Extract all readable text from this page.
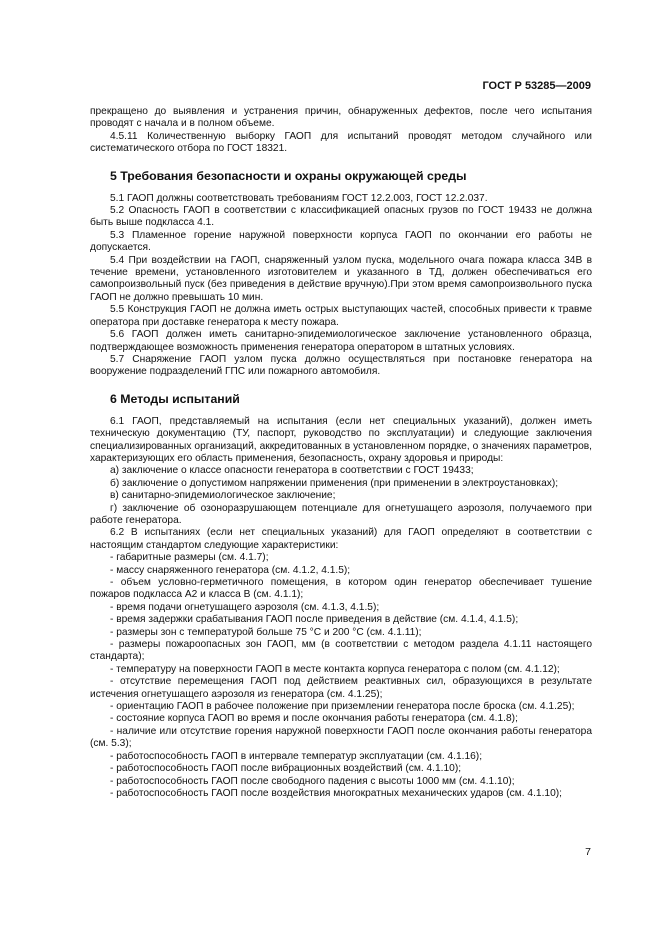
ГОСТ Р 53285—2009

прекращено до выявления и устранения причин, обнаруженных дефектов, после чего испытания проводят с начала и в полном объеме.

4.5.11 Количественную выборку ГАОП для испытаний проводят методом случайного или систематического отбора по ГОСТ 18321.

5 Требования безопасности и охраны окружающей среды

5.1 ГАОП должны соответствовать требованиям ГОСТ 12.2.003, ГОСТ 12.2.037.

5.2 Опасность ГАОП в соответствии с классификацией опасных грузов по ГОСТ 19433 не должна быть выше подкласса 4.1.

5.3 Пламенное горение наружной поверхности корпуса ГАОП по окончании его работы не допускается.

5.4 При воздействии на ГАОП, снаряженный узлом пуска, модельного очага пожара класса 34В в течение времени, установленного изготовителем и указанного в ТД, должен обеспечиваться его самопроизвольный пуск (без приведения в действие вручную).При этом время самопроизвольного пуска ГАОП не должно превышать 10 мин.

5.5 Конструкция ГАОП не должна иметь острых выступающих частей, способных привести к травме оператора при доставке генератора к месту пожара.

5.6 ГАОП должен иметь санитарно-эпидемиологическое заключение установленного образца, подтверждающее возможность применения генератора оператором в штатных условиях.

5.7 Снаряжение ГАОП узлом пуска должно осуществляться при постановке генератора на вооружение подразделений ГПС или пожарного автомобиля.

6 Методы испытаний

6.1 ГАОП, представляемый на испытания (если нет специальных указаний), должен иметь техническую документацию (ТУ, паспорт, руководство по эксплуатации) и следующие заключения специализированных организаций, аккредитованных в установленном порядке, о значениях параметров, характеризующих его область применения, безопасность, охрану здоровья и природы:

а) заключение о классе опасности генератора в соответствии с ГОСТ 19433;

б) заключение о допустимом напряжении применения (при применении в электроустановках);

в) санитарно-эпидемиологическое заключение;

г) заключение об озоноразрушающем потенциале для огнетушащего аэрозоля, получаемого при работе генератора.

6.2 В испытаниях (если нет специальных указаний) для ГАОП определяют в соответствии с настоящим стандартом следующие характеристики:

- габаритные размеры (см. 4.1.7);

- массу снаряженного генератора (см. 4.1.2, 4.1.5);

- объем условно-герметичного помещения, в котором один генератор обеспечивает тушение пожаров подкласса А2 и класса В (см. 4.1.1);

- время подачи огнетушащего аэрозоля (см. 4.1.3, 4.1.5);

- время задержки срабатывания ГАОП после приведения в действие (см. 4.1.4, 4.1.5);

- размеры зон с температурой больше 75 °С и 200 °С (см. 4.1.11);

- размеры пожароопасных зон ГАОП, мм (в соответствии с методом раздела 4.1.11 настоящего стандарта);

- температуру на поверхности ГАОП в месте контакта корпуса генератора с полом (см. 4.1.12);

- отсутствие перемещения ГАОП под действием реактивных сил, образующихся в результате истечения огнетушащего аэрозоля из генератора (см. 4.1.25);

- ориентацию ГАОП в рабочее положение при приземлении генератора после броска (см. 4.1.25);

- состояние корпуса ГАОП во время и после окончания работы генератора (см. 4.1.8);

- наличие или отсутствие горения наружной поверхности ГАОП после окончания работы генератора (см. 5.3);

- работоспособность ГАОП в интервале температур эксплуатации (см. 4.1.16);

- работоспособность ГАОП после вибрационных воздействий (см. 4.1.10);

- работоспособность ГАОП после свободного падения с высоты 1000 мм (см. 4.1.10);

- работоспособность ГАОП после воздействия многократных механических ударов (см. 4.1.10);

7
